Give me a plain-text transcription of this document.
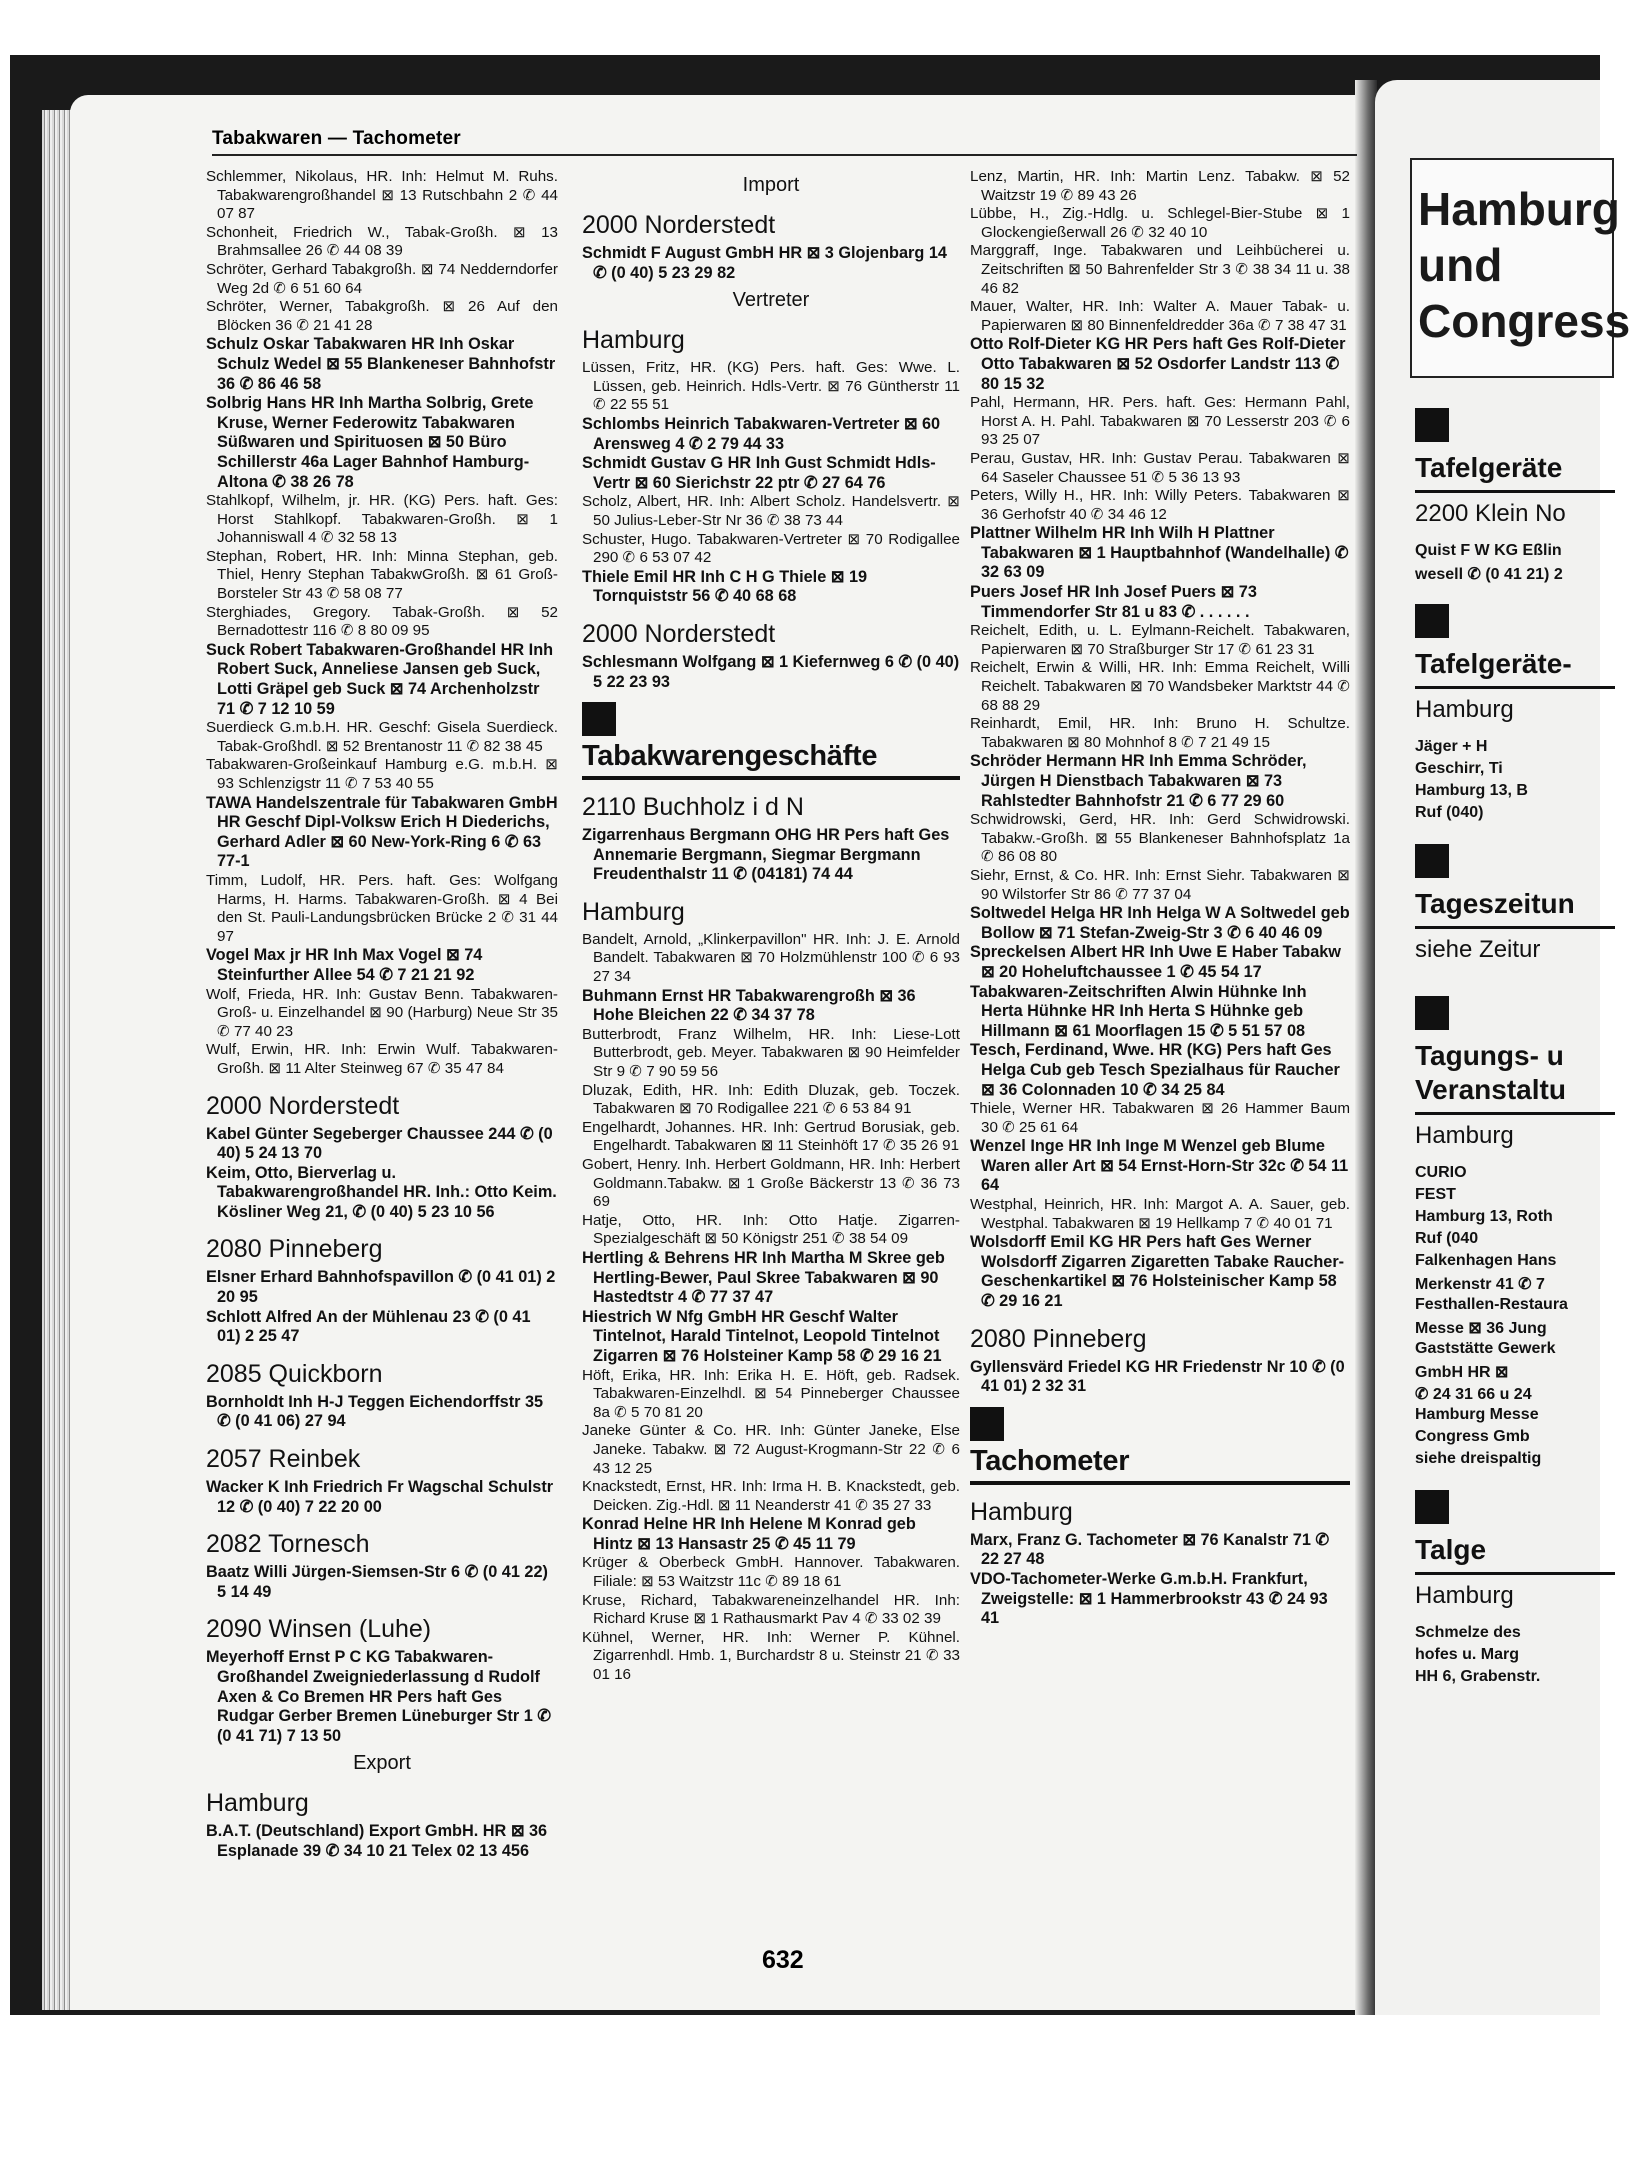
Tabakwaren — Tachometer

Schlemmer, Nikolaus, HR. Inh: Helmut M. Ruhs. Tabakwarengroßhandel ⊠ 13 Rutschbahn 2 ✆ 44 07 87

Schonheit, Friedrich W., Tabak-Großh. ⊠ 13 Brahmsallee 26 ✆ 44 08 39

Schröter, Gerhard Tabakgroßh. ⊠ 74 Nedderndorfer Weg 2d ✆ 6 51 60 64

Schröter, Werner, Tabakgroßh. ⊠ 26 Auf den Blöcken 36 ✆ 21 41 28

Schulz Oskar Tabakwaren HR Inh Oskar Schulz Wedel ⊠ 55 Blankeneser Bahnhofstr 36 ✆ 86 46 58

Solbrig Hans HR Inh Martha Solbrig, Grete Kruse, Werner Federowitz Tabakwaren Süßwaren und Spirituosen ⊠ 50 Büro Schillerstr 46a Lager Bahnhof Hamburg-Altona ✆ 38 26 78

Stahlkopf, Wilhelm, jr. HR. (KG) Pers. haft. Ges: Horst Stahlkopf. Tabakwaren-Großh. ⊠ 1 Johanniswall 4 ✆ 32 58 13

Stephan, Robert, HR. Inh: Minna Stephan, geb. Thiel, Henry Stephan TabakwGroßh. ⊠ 61 Groß-Borsteler Str 43 ✆ 58 08 77

Sterghiades, Gregory. Tabak-Großh. ⊠ 52 Bernadottestr 116 ✆ 8 80 09 95

Suck Robert Tabakwaren-Großhandel HR Inh Robert Suck, Anneliese Jansen geb Suck, Lotti Gräpel geb Suck ⊠ 74 Archenholzstr 71 ✆ 7 12 10 59

Suerdieck G.m.b.H. HR. Geschf: Gisela Suerdieck. Tabak-Großhdl. ⊠ 52 Brentanostr 11 ✆ 82 38 45

Tabakwaren-Großeinkauf Hamburg e.G. m.b.H. ⊠ 93 Schlenzigstr 11 ✆ 7 53 40 55

TAWA Handelszentrale für Tabakwaren GmbH HR Geschf Dipl-Volksw Erich H Diederichs, Gerhard Adler ⊠ 60 New-York-Ring 6 ✆ 63 77-1

Timm, Ludolf, HR. Pers. haft. Ges: Wolfgang Harms, H. Harms. Tabakwaren-Großh. ⊠ 4 Bei den St. Pauli-Landungsbrücken Brücke 2 ✆ 31 44 97

Vogel Max jr HR Inh Max Vogel ⊠ 74 Steinfurther Allee 54 ✆ 7 21 21 92

Wolf, Frieda, HR. Inh: Gustav Benn. Tabakwaren-Groß- u. Einzelhandel ⊠ 90 (Harburg) Neue Str 35 ✆ 77 40 23

Wulf, Erwin, HR. Inh: Erwin Wulf. Tabakwaren-Großh. ⊠ 11 Alter Steinweg 67 ✆ 35 47 84

2000 Norderstedt

Kabel Günter Segeberger Chaussee 244 ✆ (0 40) 5 24 13 70

Keim, Otto, Bierverlag u. Tabakwarengroßhandel HR. Inh.: Otto Keim. Kösliner Weg 21, ✆ (0 40) 5 23 10 56

2080 Pinneberg

Elsner Erhard Bahnhofspavillon ✆ (0 41 01) 2 20 95

Schlott Alfred An der Mühlenau 23 ✆ (0 41 01) 2 25 47

2085 Quickborn

Bornholdt Inh H-J Teggen Eichendorffstr 35 ✆ (0 41 06) 27 94

2057 Reinbek

Wacker K Inh Friedrich Fr Wagschal Schulstr 12 ✆ (0 40) 7 22 20 00

2082 Tornesch

Baatz Willi Jürgen-Siemsen-Str 6 ✆ (0 41 22) 5 14 49

2090 Winsen (Luhe)

Meyerhoff Ernst P C KG Tabakwaren-Großhandel Zweigniederlassung d Rudolf Axen & Co Bremen HR Pers haft Ges Rudgar Gerber Bremen Lüneburger Str 1 ✆ (0 41 71) 7 13 50

Export

Hamburg

B.A.T. (Deutschland) Export GmbH. HR ⊠ 36 Esplanade 39 ✆ 34 10 21 Telex 02 13 456

Import

2000 Norderstedt

Schmidt F August GmbH HR ⊠ 3 Glojenbarg 14 ✆ (0 40) 5 23 29 82

Vertreter

Hamburg

Lüssen, Fritz, HR. (KG) Pers. haft. Ges: Wwe. L. Lüssen, geb. Heinrich. Hdls-Vertr. ⊠ 76 Güntherstr 11 ✆ 22 55 51

Schlombs Heinrich Tabakwaren-Vertreter ⊠ 60 Arensweg 4 ✆ 2 79 44 33

Schmidt Gustav G HR Inh Gust Schmidt Hdls-Vertr ⊠ 60 Sierichstr 22 ptr ✆ 27 64 76

Scholz, Albert, HR. Inh: Albert Scholz. Handelsvertr. ⊠ 50 Julius-Leber-Str Nr 36 ✆ 38 73 44

Schuster, Hugo. Tabakwaren-Vertreter ⊠ 70 Rodigallee 290 ✆ 6 53 07 42

Thiele Emil HR Inh C H G Thiele ⊠ 19 Tornquiststr 56 ✆ 40 68 68

2000 Norderstedt

Schlesmann Wolfgang ⊠ 1 Kiefernweg 6 ✆ (0 40) 5 22 23 93

Tabakwarengeschäfte

2110 Buchholz i d N

Zigarrenhaus Bergmann OHG HR Pers haft Ges Annemarie Bergmann, Siegmar Bergmann Freudenthalstr 11 ✆ (04181) 74 44

Hamburg

Bandelt, Arnold, „Klinkerpavillon" HR. Inh: J. E. Arnold Bandelt. Tabakwaren ⊠ 70 Holzmühlenstr 100 ✆ 6 93 27 34

Buhmann Ernst HR Tabakwarengroßh ⊠ 36 Hohe Bleichen 22 ✆ 34 37 78

Butterbrodt, Franz Wilhelm, HR. Inh: Liese-Lott Butterbrodt, geb. Meyer. Tabakwaren ⊠ 90 Heimfelder Str 9 ✆ 7 90 59 56

Dluzak, Edith, HR. Inh: Edith Dluzak, geb. Toczek. Tabakwaren ⊠ 70 Rodigallee 221 ✆ 6 53 84 91

Engelhardt, Johannes. HR. Inh: Gertrud Borusiak, geb. Engelhardt. Tabakwaren ⊠ 11 Steinhöft 17 ✆ 35 26 91

Gobert, Henry. Inh. Herbert Goldmann, HR. Inh: Herbert Goldmann.Tabakw. ⊠ 1 Große Bäckerstr 13 ✆ 36 73 69

Hatje, Otto, HR. Inh: Otto Hatje. Zigarren-Spezialgeschäft ⊠ 50 Königstr 251 ✆ 38 54 09

Hertling & Behrens HR Inh Martha M Skree geb Hertling-Bewer, Paul Skree Tabakwaren ⊠ 90 Hastedtstr 4 ✆ 77 37 47

Hiestrich W Nfg GmbH HR Geschf Walter Tintelnot, Harald Tintelnot, Leopold Tintelnot Zigarren ⊠ 76 Holsteiner Kamp 58 ✆ 29 16 21

Höft, Erika, HR. Inh: Erika H. E. Höft, geb. Radsek. Tabakwaren-Einzelhdl. ⊠ 54 Pinneberger Chaussee 8a ✆ 5 70 81 20

Janeke Günter & Co. HR. Inh: Günter Janeke, Else Janeke. Tabakw. ⊠ 72 August-Krogmann-Str 22 ✆ 6 43 12 25

Knackstedt, Ernst, HR. Inh: Irma H. B. Knackstedt, geb. Deicken. Zig.-Hdl. ⊠ 11 Neanderstr 41 ✆ 35 27 33

Konrad Helne HR Inh Helene M Konrad geb Hintz ⊠ 13 Hansastr 25 ✆ 45 11 79

Krüger & Oberbeck GmbH. Hannover. Tabakwaren. Filiale: ⊠ 53 Waitzstr 11c ✆ 89 18 61

Kruse, Richard, Tabakwareneinzelhandel HR. Inh: Richard Kruse ⊠ 1 Rathausmarkt Pav 4 ✆ 33 02 39

Kühnel, Werner, HR. Inh: Werner P. Kühnel. Zigarrenhdl. Hmb. 1, Burchardstr 8 u. Steinstr 21 ✆ 33 01 16

Lenz, Martin, HR. Inh: Martin Lenz. Tabakw. ⊠ 52 Waitzstr 19 ✆ 89 43 26

Lübbe, H., Zig.-Hdlg. u. Schlegel-Bier-Stube ⊠ 1 Glockengießerwall 26 ✆ 32 40 10

Marggraff, Inge. Tabakwaren und Leihbücherei u. Zeitschriften ⊠ 50 Bahrenfelder Str 3 ✆ 38 34 11 u. 38 46 82

Mauer, Walter, HR. Inh: Walter A. Mauer Tabak- u. Papierwaren ⊠ 80 Binnenfeldredder 36a ✆ 7 38 47 31

Otto Rolf-Dieter KG HR Pers haft Ges Rolf-Dieter Otto Tabakwaren ⊠ 52 Osdorfer Landstr 113 ✆ 80 15 32

Pahl, Hermann, HR. Pers. haft. Ges: Hermann Pahl, Horst A. H. Pahl. Tabakwaren ⊠ 70 Lesserstr 203 ✆ 6 93 25 07

Perau, Gustav, HR. Inh: Gustav Perau. Tabakwaren ⊠ 64 Saseler Chaussee 51 ✆ 5 36 13 93

Peters, Willy H., HR. Inh: Willy Peters. Tabakwaren ⊠ 36 Gerhofstr 40 ✆ 34 46 12

Plattner Wilhelm HR Inh Wilh H Plattner Tabakwaren ⊠ 1 Hauptbahnhof (Wandelhalle) ✆ 32 63 09

Puers Josef HR Inh Josef Puers ⊠ 73 Timmendorfer Str 81 u 83 ✆ . . . . . .

Reichelt, Edith, u. L. Eylmann-Reichelt. Tabakwaren, Papierwaren ⊠ 70 Straßburger Str 17 ✆ 61 23 31

Reichelt, Erwin & Willi, HR. Inh: Emma Reichelt, Willi Reichelt. Tabakwaren ⊠ 70 Wandsbeker Marktstr 44 ✆ 68 88 29

Reinhardt, Emil, HR. Inh: Bruno H. Schultze. Tabakwaren ⊠ 80 Mohnhof 8 ✆ 7 21 49 15

Schröder Hermann HR Inh Emma Schröder, Jürgen H Dienstbach Tabakwaren ⊠ 73 Rahlstedter Bahnhofstr 21 ✆ 6 77 29 60

Schwidrowski, Gerd, HR. Inh: Gerd Schwidrowski. Tabakw.-Großh. ⊠ 55 Blankeneser Bahnhofsplatz 1a ✆ 86 08 80

Siehr, Ernst, & Co. HR. Inh: Ernst Siehr. Tabakwaren ⊠ 90 Wilstorfer Str 86 ✆ 77 37 04

Soltwedel Helga HR Inh Helga W A Soltwedel geb Bollow ⊠ 71 Stefan-Zweig-Str 3 ✆ 6 40 46 09

Spreckelsen Albert HR Inh Uwe E Haber Tabakw ⊠ 20 Hoheluftchaussee 1 ✆ 45 54 17

Tabakwaren-Zeitschriften Alwin Hühnke Inh Herta Hühnke HR Inh Herta S Hühnke geb Hillmann ⊠ 61 Moorflagen 15 ✆ 5 51 57 08

Tesch, Ferdinand, Wwe. HR (KG) Pers haft Ges Helga Cub geb Tesch Spezialhaus für Raucher ⊠ 36 Colonnaden 10 ✆ 34 25 84

Thiele, Werner HR. Tabakwaren ⊠ 26 Hammer Baum 30 ✆ 25 61 64

Wenzel Inge HR Inh Inge M Wenzel geb Blume Waren aller Art ⊠ 54 Ernst-Horn-Str 32c ✆ 54 11 64

Westphal, Heinrich, HR. Inh: Margot A. A. Sauer, geb. Westphal. Tabakwaren ⊠ 19 Hellkamp 7 ✆ 40 01 71

Wolsdorff Emil KG HR Pers haft Ges Werner Wolsdorff Zigarren Zigaretten Tabake Raucher-Geschenkartikel ⊠ 76 Holsteinischer Kamp 58 ✆ 29 16 21

2080 Pinneberg

Gyllensvärd Friedel KG HR Friedenstr Nr 10 ✆ (0 41 01) 2 32 31

Tachometer

Hamburg

Marx, Franz G. Tachometer ⊠ 76 Kanalstr 71 ✆ 22 27 48

VDO-Tachometer-Werke G.m.b.H. Frankfurt, Zweigstelle: ⊠ 1 Hammerbrookstr 43 ✆ 24 93 41

632
Hamburg
und
Congress
Tafelgeräte
2200 Klein No
Quist F W KG Eßlin
wesell ✆ (0 41 21) 2
Tafelgeräte-
Hamburg
Jäger + H
Geschirr, Ti
Hamburg 13, B
Ruf (040)
Tageszeitun
siehe Zeitur
Tagungs- u
Veranstaltu
Hamburg
CURIO
FEST
Hamburg 13, Roth
Ruf (040
Falkenhagen Hans
Merkenstr 41 ✆ 7
Festhallen-Restaura
Messe ⊠ 36 Jung
Gaststätte Gewerk
GmbH HR ⊠
✆ 24 31 66 u 24
Hamburg Messe
Congress Gmb
siehe dreispaltig
Talge
Hamburg
Schmelze des
hofes u. Marg
HH 6, Grabenstr.
